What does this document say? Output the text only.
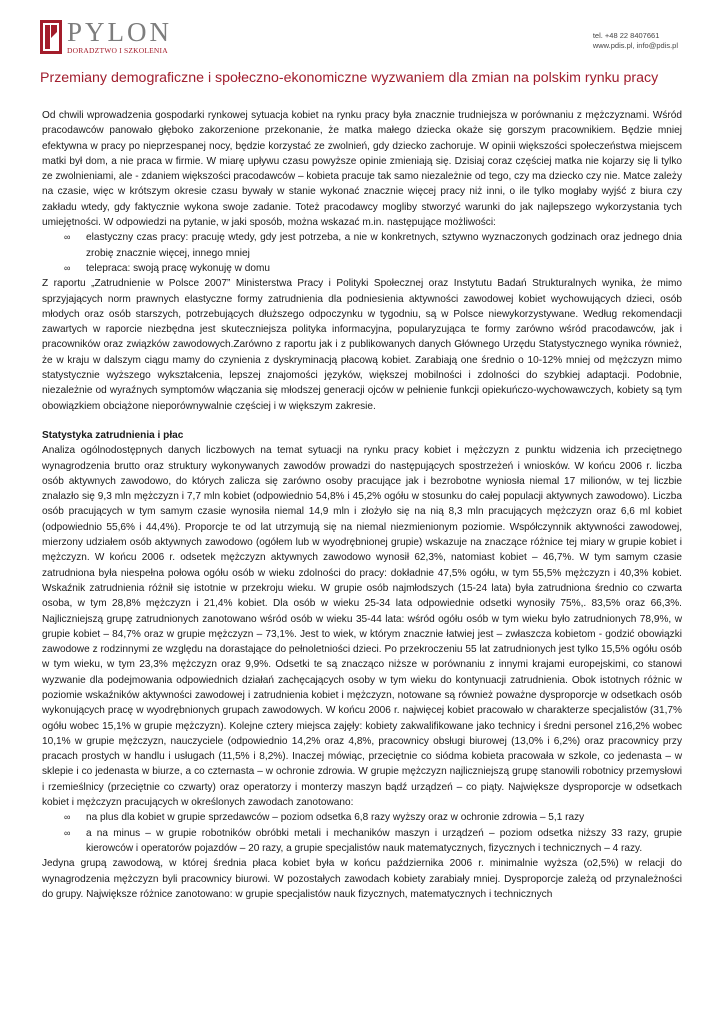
PYLON
DORADZTWO I SZKOLENIA
tel. +48 22 8407661
www.pdis.pl, info@pdis.pl
Przemiany demograficzne i społeczno-ekonomiczne wyzwaniem dla zmian na polskim rynku pracy

Od chwili wprowadzenia gospodarki rynkowej sytuacja kobiet na rynku pracy była znacznie trudniejsza w porównaniu z mężczyznami. Wśród pracodawców panowało głęboko zakorzenione przekonanie, że matka małego dziecka okaże się gorszym pracownikiem. Będzie mniej efektywna w pracy po nieprzespanej nocy, będzie korzystać ze zwolnień, gdy dziecko zachoruje. W opinii większości społeczeństwa miejscem matki był dom, a nie praca w firmie. W miarę upływu czasu powyższe opinie zmieniają się. Dzisiaj coraz częściej matka nie kojarzy się li tylko ze zwolnieniami, ale - zdaniem większości pracodawców – kobieta pracuje tak samo niezależnie od tego, czy ma dziecko czy nie. Matce zależy na czasie, więc w krótszym okresie czasu bywały w stanie wykonać znacznie więcej pracy niż inni, o ile tylko mogłaby wyjść z biura czy zakładu wtedy, gdy faktycznie wykona swoje zadanie. Toteż pracodawcy mogliby stworzyć warunki do jak najlepszego wykorzystania tych umiejętności. W odpowiedzi na pytanie, w jaki sposób, można wskazać m.in. następujące możliwości:

∞ elastyczny czas pracy: pracuję wtedy, gdy jest potrzeba, a nie w konkretnych, sztywno wyznaczonych godzinach oraz jednego dnia zrobię znacznie więcej, innego mniej
∞ telepraca: swoją pracę wykonuję w domu

Z raportu „Zatrudnienie w Polsce 2007” Ministerstwa Pracy i Polityki Społecznej oraz Instytutu Badań Strukturalnych wynika, że mimo sprzyjających norm prawnych elastyczne formy zatrudnienia dla podniesienia aktywności zawodowej kobiet wychowujących dzieci, osób młodych oraz osób starszych, potrzebujących dłuższego odpoczynku w tygodniu, są w Polsce niewykorzystywane. Według rekomendacji zawartych w raporcie niezbędna jest skuteczniejsza polityka informacyjna, popularyzująca te formy zarówno wśród pracodawców, jak i pracowników oraz związków zawodowych.Zarówno z raportu jak i z publikowanych danych Głównego Urzędu Statystycznego wynika również, że w kraju w dalszym ciągu mamy do czynienia z dyskryminacją płacową kobiet. Zarabiają one średnio o 10-12% mniej od mężczyzn mimo statystycznie wyższego wykształcenia, lepszej znajomości języków, większej mobilności i zdolności do szybkiej adaptacji. Podobnie, niezależnie od wyraźnych symptomów włączania się młodszej generacji ojców w pełnienie funkcji opiekuńczo-wychowawczych, kobiety są tym obowiązkiem obciążone nieporównywalnie częściej i w większym zakresie.

Statystyka zatrudnienia i płac

Analiza ogólnodostępnych danych liczbowych na temat sytuacji na rynku pracy kobiet i mężczyzn z punktu widzenia ich przeciętnego wynagrodzenia brutto oraz struktury wykonywanych zawodów prowadzi do następujących spostrzeżeń i wniosków. W końcu 2006 r. liczba osób aktywnych zawodowo, do których zalicza się zarówno osoby pracujące jak i bezrobotne wyniosła niemal 17 milionów, w tej liczbie znalazło się 9,3 mln mężczyzn i 7,7 mln kobiet (odpowiednio 54,8% i 45,2% ogółu w stosunku do całej populacji aktywnych zawodowo). Liczba osób pracujących w tym samym czasie wynosiła niemal 14,9 mln i złożyło się na nią 8,3 mln pracujących mężczyzn oraz 6,6 ml kobiet (odpowiednio 55,6% i 44,4%). Proporcje te od lat utrzymują się na niemal niezmienionym poziomie. Współczynnik aktywności zawodowej, mierzony udziałem osób aktywnych zawodowo (ogółem lub w wyodrębnionej grupie) wskazuje na znaczące różnice tej miary w grupie kobiet i mężczyzn. W końcu 2006 r. odsetek mężczyzn aktywnych zawodowo wynosił 62,3%, natomiast kobiet – 46,7%. W tym samym czasie zatrudniona była niespełna połowa ogółu osób w wieku zdolności do pracy: dokładnie 47,5% ogółu, w tym 55,5% mężczyzn i 40,3% kobiet. Wskaźnik zatrudnienia różnił się istotnie w przekroju wieku. W grupie osób najmłodszych (15-24 lata) była zatrudniona średnio co czwarta osoba, w tym 28,8% mężczyzn i 21,4% kobiet. Dla osób w wieku 25-34 lata odpowiednie odsetki wynosiły 75%,. 83,5% oraz 66,3%. Najliczniejszą grupę zatrudnionych zanotowano wśród osób w wieku 35-44 lata: wśród ogółu osób w tym wieku było zatrudnionych 78,9%, w grupie kobiet – 84,7% oraz w grupie mężczyzn – 73,1%. Jest to wiek, w którym znacznie łatwiej jest – zwłaszcza kobietom - godzić obowiązki zawodowe z rodzinnymi ze względu na dorastające do pełnoletniości dzieci. Po przekroczeniu 55 lat zatrudnionych jest tylko 15,5% ogółu osób w tym wieku, w tym 23,3% mężczyzn oraz 9,9%. Odsetki te są znacząco niższe w porównaniu z innymi krajami europejskimi, co stanowi wyzwanie dla podejmowania odpowiednich działań zachęcających osoby w tym wieku do kontynuacji zatrudnienia. Obok istotnych różnic w poziomie wskaźników aktywności zawodowej i zatrudnienia kobiet i mężczyzn, notowane są również poważne dysproporcje w odsetkach osób wykonujących pracę w wyodrębnionych grupach zawodowych. W końcu 2006 r. najwięcej kobiet pracowało w charakterze specjalistów (31,7% ogółu wobec 15,1% w grupie mężczyzn). Kolejne cztery miejsca zajęły: kobiety zakwalifikowane jako technicy i średni personel z16,2% wobec 10,1% w grupie mężczyzn, nauczyciele (odpowiednio 14,2% oraz 4,8%, pracownicy obsługi biurowej (13,0% i 6,2%) oraz pracownicy przy pracach prostych w handlu i usługach (11,5% i 8,2%). Inaczej mówiąc, przeciętnie co siódma kobieta pracowała w szkole, co jedenasta – w sklepie i co jedenasta w biurze, a co czternasta – w ochronie zdrowia. W grupie mężczyzn najliczniejszą grupę stanowili robotnicy przemysłowi i rzemieślnicy (przeciętnie co czwarty) oraz operatorzy i monterzy maszyn bądź urządzeń – co piąty. Największe dysproporcje w odsetkach kobiet i mężczyzn pracujących w określonych zawodach zanotowano:

∞ na plus dla kobiet w grupie sprzedawców – poziom odsetka 6,8 razy wyższy oraz w ochronie zdrowia – 5,1 razy
∞ a na minus – w grupie robotników obróbki metali i mechaników maszyn i urządzeń – poziom odsetka niższy 33 razy, grupie kierowców i operatorów pojazdów – 20 razy, a grupie specjalistów nauk matematycznych, fizycznych i technicznych – 4 razy.

Jedyna grupą zawodową, w której średnia płaca kobiet była w końcu października 2006 r. minimalnie wyższa (o2,5%) w relacji do wynagrodzenia mężczyzn byli pracownicy biurowi. W pozostałych zawodach kobiety zarabiały mniej. Dysproporcje zależą od przynależności do grupy. Największe różnice zanotowano: w grupie specjalistów nauk fizycznych, matematycznych i technicznych
